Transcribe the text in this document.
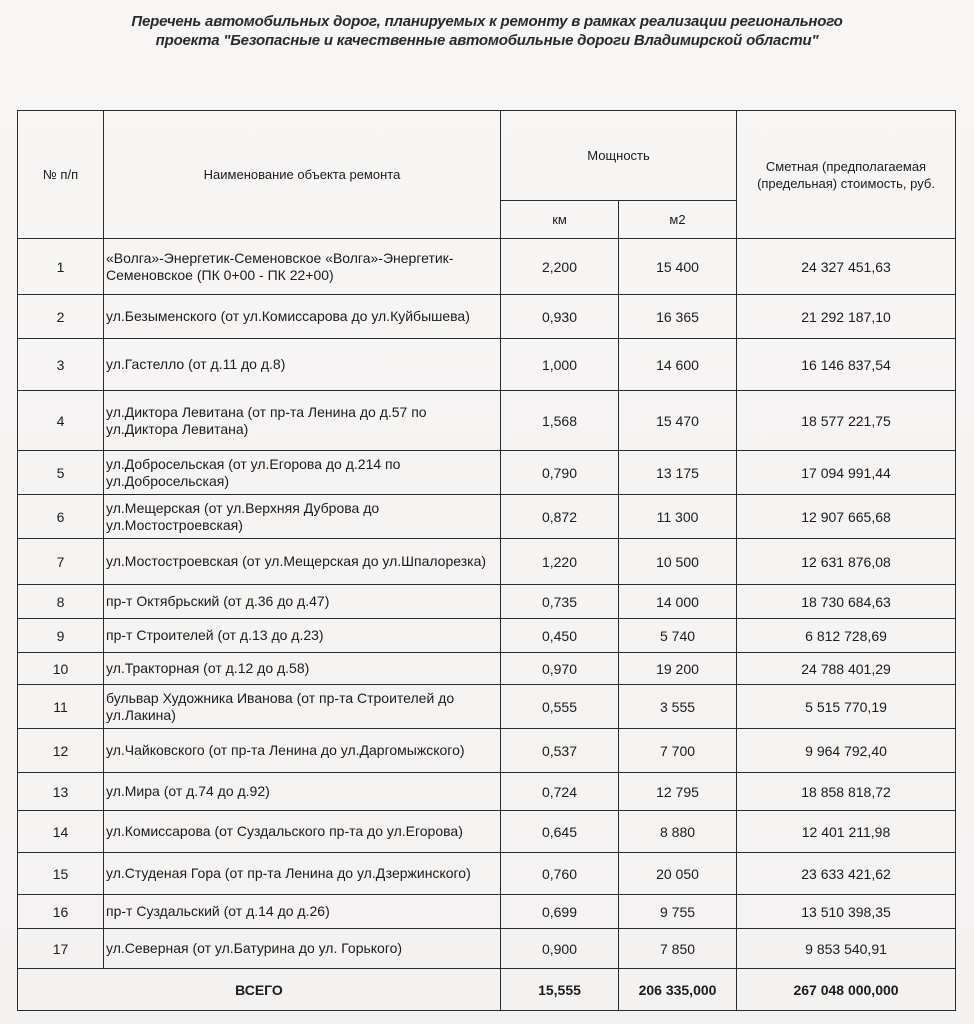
Перечень автомобильных дорог, планируемых к ремонту в рамках реализации регионального
проекта "Безопасные и качественные автомобильные дороги Владимирской области"
№ п/п	Наименование объекта ремонта	Мощность		Сметная (предполагаемая (предельная) стоимость, руб.
		км	м2	
1	«Волга»-Энергетик-Семеновское «Волга»-Энергетик-Семеновское (ПК 0+00 - ПК 22+00)	2,200	15 400	24 327 451,63
2	ул.Безыменского (от ул.Комиссарова до ул.Куйбышева)	0,930	16 365	21 292 187,10
3	ул.Гастелло (от д.11 до д.8)	1,000	14 600	16 146 837,54
4	ул.Диктора Левитана (от пр-та Ленина до д.57 по ул.Диктора Левитана)	1,568	15 470	18 577 221,75
5	ул.Добросельская (от ул.Егорова до д.214 по ул.Добросельская)	0,790	13 175	17 094 991,44
6	ул.Мещерская (от ул.Верхняя Дуброва до ул.Мостостроевская)	0,872	11 300	12 907 665,68
7	ул.Мостостроевская (от ул.Мещерская до ул.Шпалорезка)	1,220	10 500	12 631 876,08
8	пр-т Октябрьский (от д.36 до д.47)	0,735	14 000	18 730 684,63
9	пр-т Строителей (от д.13 до д.23)	0,450	5 740	6 812 728,69
10	ул.Тракторная (от д.12 до д.58)	0,970	19 200	24 788 401,29
11	бульвар Художника Иванова (от пр-та Строителей до ул.Лакина)	0,555	3 555	5 515 770,19
12	ул.Чайковского (от пр-та Ленина до ул.Даргомыжского)	0,537	7 700	9 964 792,40
13	ул.Мира (от д.74 до д.92)	0,724	12 795	18 858 818,72
14	ул.Комиссарова (от Суздальского пр-та до ул.Егорова)	0,645	8 880	12 401 211,98
15	ул.Студеная Гора (от пр-та Ленина до ул.Дзержинского)	0,760	20 050	23 633 421,62
16	пр-т Суздальский (от д.14 до д.26)	0,699	9 755	13 510 398,35
17	ул.Северная (от ул.Батурина до ул. Горького)	0,900	7 850	9 853 540,91
ВСЕГО		15,555	206 335,000	267 048 000,000
